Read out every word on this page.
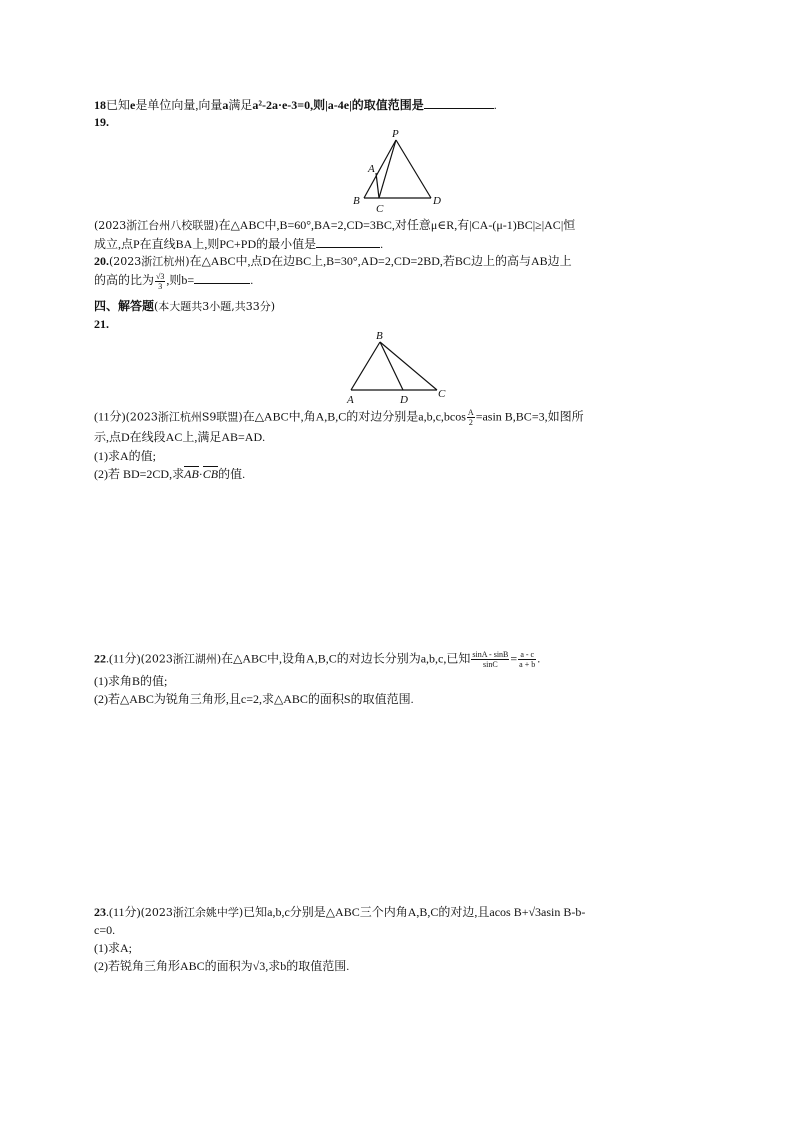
18已知e是单位向量,向量a满足a²-2a·e-3=0,则|a-4e|的取值范围是	.
19.
P
A
B
C
D
(2023浙江台州八校联盟)在△ABC中,B=60°,BA=2,CD=3BC,对任意μ∈R,有|CA-(μ-1)BC|≥|AC|恒
成立,点P在直线BA上,则PC+PD的最小值是	.
20.(2023浙江杭州)在△ABC中,点D在边BC上,B=30°,AD=2,CD=2BD,若BC边上的高与AB边上
的高的比为 $\frac{√3}{3}$ ,则b=	.
四、解答题(本大题共3小题,共33分)
21.
B
A	D	C
(11分)(2023浙江杭州S9联盟)在△ABC中,角A,B,C的对边分别是$a,b,c,bcos \frac{A}{2} =asin$ B,BC=3,如图所
示,点D在线段AC上,满足AB=AD.
(1)求A的值;
(2)若 BD=2CD,求AB·CB的值.
22.(11分)(2023浙江湖州)在△ABC中,设角A,B,C的对边长分别为a,b,c,已知 $\frac{\sin A - \sin B}{\sin C} = \frac{a - c}{a + b}$ .
(1)求角B的值;
(2)若△ABC为锐角三角形,且c=2,求△ABC的面积S的取值范围.
23.(11分)(2023浙江余姚中学)已知a,b,c分别是△ABC三个内角A,B,C的对边,且acos B+√3asin B-b-
c=0.
(1)求A;
(2)若锐角三角形ABC的面积为√3,求b的取值范围.
